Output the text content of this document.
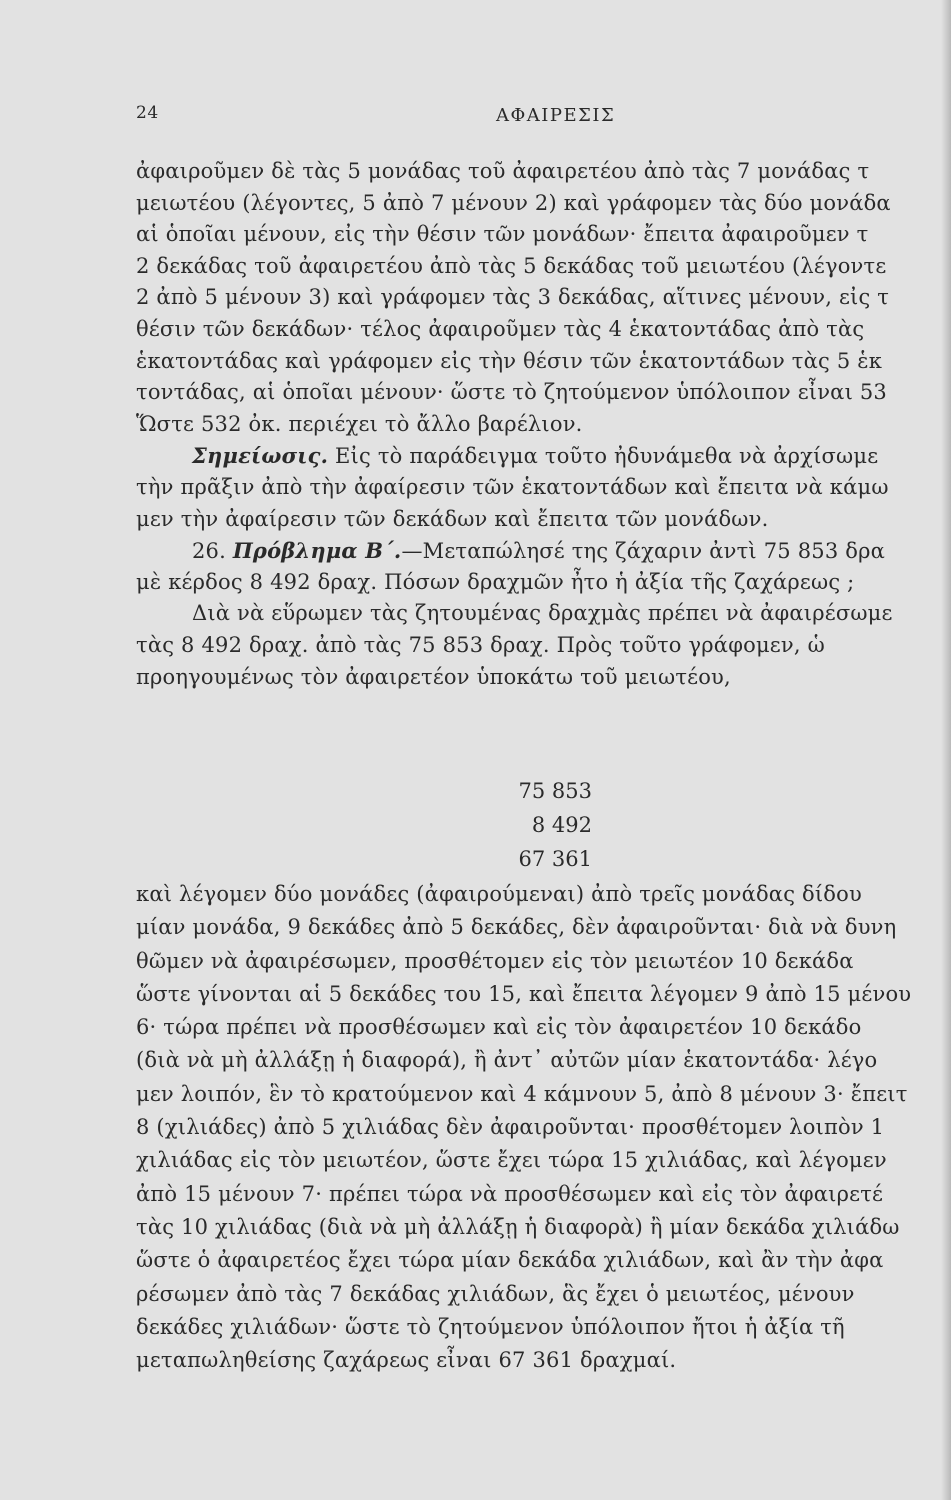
24	ΑΦΑΙΡΕΣΙΣ
ἀφαιροῦμεν δὲ τὰς 5 μονάδας τοῦ ἀφαιρετέου ἀπὸ τὰς 7 μονάδας τ
μειωτέου (λέγοντες, 5 ἀπὸ 7 μένουν 2) καὶ γράφομεν τὰς δύο μονάδα
αἱ ὁποῖαι μένουν, εἰς τὴν θέσιν τῶν μονάδων· ἔπειτα ἀφαιροῦμεν τ
2 δεκάδας τοῦ ἀφαιρετέου ἀπὸ τὰς 5 δεκάδας τοῦ μειωτέου (λέγοντε
2 ἀπὸ 5 μένουν 3) καὶ γράφομεν τὰς 3 δεκάδας, αἵτινες μένουν, εἰς τ
θέσιν τῶν δεκάδων· τέλος ἀφαιροῦμεν τὰς 4 ἑκατοντάδας ἀπὸ τὰς
ἑκατοντάδας καὶ γράφομεν εἰς τὴν θέσιν τῶν ἑκατοντάδων τὰς 5 ἑκ
τοντάδας, αἱ ὁποῖαι μένουν· ὥστε τὸ ζητούμενον ὑπόλοιπον εἶναι 53
Ὥστε 532 ὀκ. περιέχει τὸ ἄλλο βαρέλιον.
Σημείωσις. Εἰς τὸ παράδειγμα τοῦτο ἠδυνάμεθα νὰ ἀρχίσωμε
τὴν πρᾶξιν ἀπὸ τὴν ἀφαίρεσιν τῶν ἑκατοντάδων καὶ ἔπειτα νὰ κάμω
μεν τὴν ἀφαίρεσιν τῶν δεκάδων καὶ ἔπειτα τῶν μονάδων.
26. Πρόβλημα Β΄.—Μεταπώλησέ της ζάχαριν ἀντὶ 75 853 δρα
μὲ κέρδος 8 492 δραχ. Πόσων δραχμῶν ἦτο ἡ ἀξία τῆς ζαχάρεως ;
Διὰ νὰ εὕρωμεν τὰς ζητουμένας δραχμὰς πρέπει νὰ ἀφαιρέσωμε
τὰς 8 492 δραχ. ἀπὸ τὰς 75 853 δραχ. Πρὸς τοῦτο γράφομεν, ὡ
προηγουμένως τὸν ἀφαιρετέον ὑποκάτω τοῦ μειωτέου,
75 853
8 492
67 361
καὶ λέγομεν δύο μονάδες (ἀφαιρούμεναι) ἀπὸ τρεῖς μονάδας δίδου
μίαν μονάδα, 9 δεκάδες ἀπὸ 5 δεκάδες, δὲν ἀφαιροῦνται· διὰ νὰ δυνη
θῶμεν νὰ ἀφαιρέσωμεν, προσθέτομεν εἰς τὸν μειωτέον 10 δεκάδα
ὥστε γίνονται αἱ 5 δεκάδες του 15, καὶ ἔπειτα λέγομεν 9 ἀπὸ 15 μένου
6· τώρα πρέπει νὰ προσθέσωμεν καὶ εἰς τὸν ἀφαιρετέον 10 δεκάδο
(διὰ νὰ μὴ ἀλλάξῃ ἡ διαφορά), ἢ ἀντ᾽ αὐτῶν μίαν ἑκατοντάδα· λέγο
μεν λοιπόν, ἓν τὸ κρατούμενον καὶ 4 κάμνουν 5, ἀπὸ 8 μένουν 3· ἔπειτ
8 (χιλιάδες) ἀπὸ 5 χιλιάδας δὲν ἀφαιροῦνται· προσθέτομεν λοιπὸν 1
χιλιάδας εἰς τὸν μειωτέον, ὥστε ἔχει τώρα 15 χιλιάδας, καὶ λέγομεν
ἀπὸ 15 μένουν 7· πρέπει τώρα νὰ προσθέσωμεν καὶ εἰς τὸν ἀφαιρετέ
τὰς 10 χιλιάδας (διὰ νὰ μὴ ἀλλάξῃ ἡ διαφορὰ) ἢ μίαν δεκάδα χιλιάδω
ὥστε ὁ ἀφαιρετέος ἔχει τώρα μίαν δεκάδα χιλιάδων, καὶ ἂν τὴν ἀφα
ρέσωμεν ἀπὸ τὰς 7 δεκάδας χιλιάδων, ἃς ἔχει ὁ μειωτέος, μένουν
δεκάδες χιλιάδων· ὥστε τὸ ζητούμενον ὑπόλοιπον ἤτοι ἡ ἀξία τῆ
μεταπωληθείσης ζαχάρεως εἶναι 67 361 δραχμαί.
